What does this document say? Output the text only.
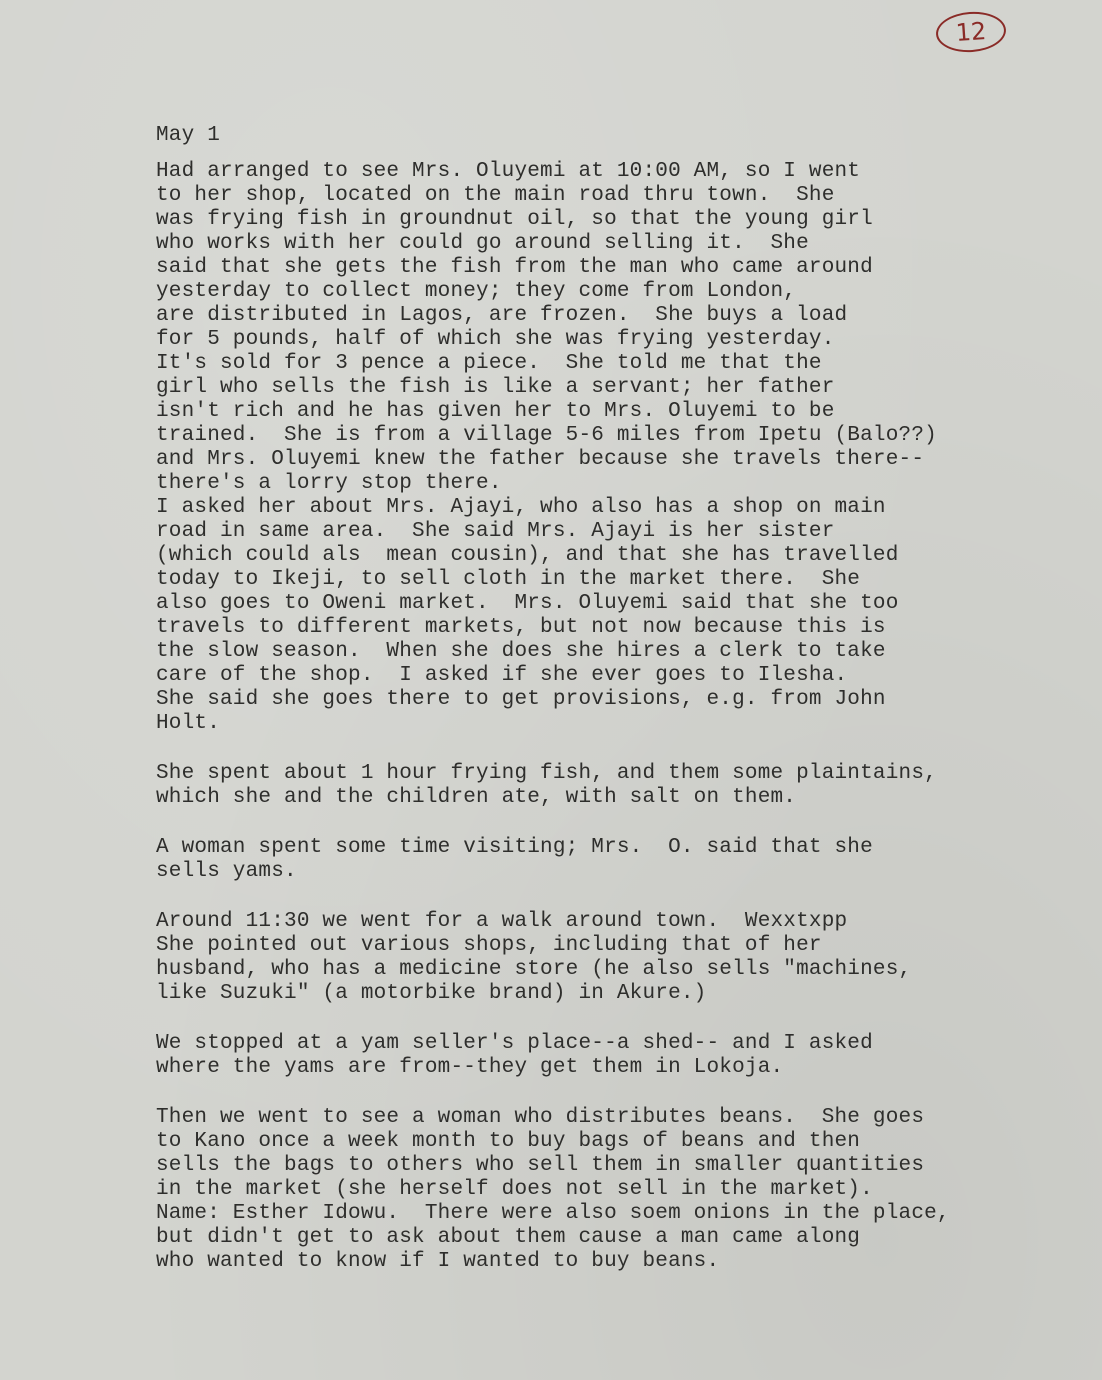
12
May 1
Had arranged to see Mrs. Oluyemi at 10:00 AM, so I went
to her shop, located on the main road thru town.  She
was frying fish in groundnut oil, so that the young girl
who works with her could go around selling it.  She
said that she gets the fish from the man who came around
yesterday to collect money; they come from London,
are distributed in Lagos, are frozen.  She buys a load
for 5 pounds, half of which she was frying yesterday.
It's sold for 3 pence a piece.  She told me that the
girl who sells the fish is like a servant; her father
isn't rich and he has given her to Mrs. Oluyemi to be
trained.  She is from a village 5-6 miles from Ipetu (Balo??)
and Mrs. Oluyemi knew the father because she travels there--
there's a lorry stop there.
I asked her about Mrs. Ajayi, who also has a shop on main
road in same area.  She said Mrs. Ajayi is her sister
(which could als  mean cousin), and that she has travelled
today to Ikeji, to sell cloth in the market there.  She
also goes to Oweni market.  Mrs. Oluyemi said that she too
travels to different markets, but not now because this is
the slow season.  When she does she hires a clerk to take
care of the shop.  I asked if she ever goes to Ilesha.
She said she goes there to get provisions, e.g. from John
Holt.
She spent about 1 hour frying fish, and them some plaintains,
which she and the children ate, with salt on them.
A woman spent some time visiting; Mrs.  O. said that she
sells yams.
Around 11:30 we went for a walk around town.  Wexxtxpp
She pointed out various shops, including that of her
husband, who has a medicine store (he also sells "machines,
like Suzuki" (a motorbike brand) in Akure.)
We stopped at a yam seller's place--a shed-- and I asked
where the yams are from--they get them in Lokoja.
Then we went to see a woman who distributes beans.  She goes
to Kano once a week month to buy bags of beans and then
sells the bags to others who sell them in smaller quantities
in the market (she herself does not sell in the market).
Name: Esther Idowu.  There were also soem onions in the place,
but didn't get to ask about them cause a man came along
who wanted to know if I wanted to buy beans.
